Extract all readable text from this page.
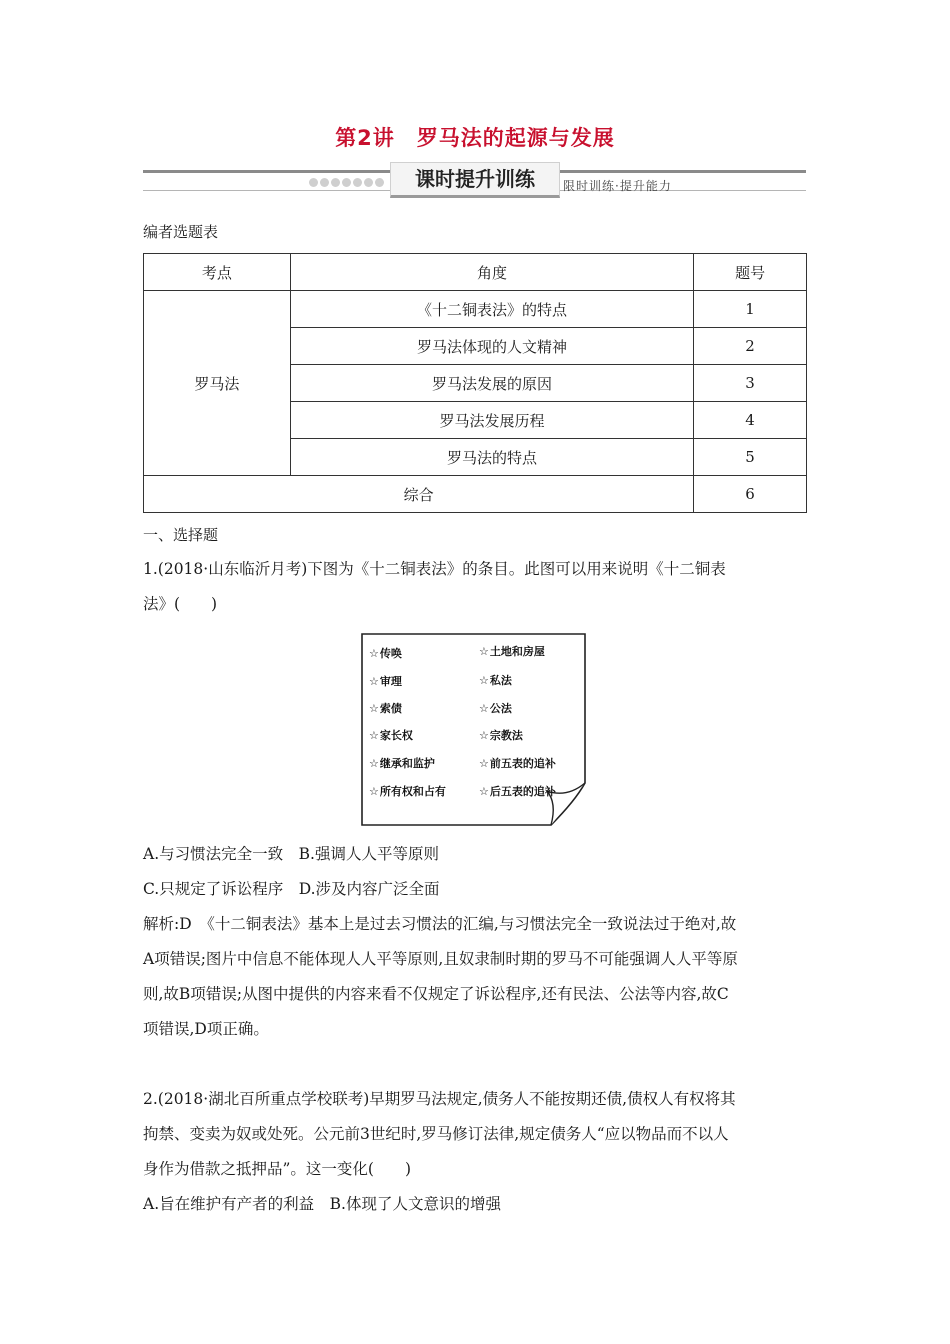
第2讲 罗马法的起源与发展
课时提升训练	限时训练·提升能力
编者选题表
考点	角度	题号
罗马法	《十二铜表法》的特点	1
	罗马法体现的人文精神	2
	罗马法发展的原因	3
	罗马法发展历程	4
	罗马法的特点	5
综合		6
一、选择题
1.(2018·山东临沂月考)下图为《十二铜表法》的条目。此图可以用来说明《十二铜表
法》(　　)
☆传唤
☆审理
☆索债
☆家长权
☆继承和监护
☆所有权和占有
☆土地和房屋
☆私法
☆公法
☆宗教法
☆前五表的追补
☆后五表的追补
A.与习惯法完全一致　B.强调人人平等原则
C.只规定了诉讼程序　D.涉及内容广泛全面
解析:D　《十二铜表法》基本上是过去习惯法的汇编,与习惯法完全一致说法过于绝对,故
A项错误;图片中信息不能体现人人平等原则,且奴隶制时期的罗马不可能强调人人平等原
则,故B项错误;从图中提供的内容来看不仅规定了诉讼程序,还有民法、公法等内容,故C
项错误,D项正确。
2.(2018·湖北百所重点学校联考)早期罗马法规定,债务人不能按期还债,债权人有权将其
拘禁、变卖为奴或处死。公元前3世纪时,罗马修订法律,规定债务人“应以物品而不以人
身作为借款之抵押品”。这一变化(　　)
A.旨在维护有产者的利益　B.体现了人文意识的增强
